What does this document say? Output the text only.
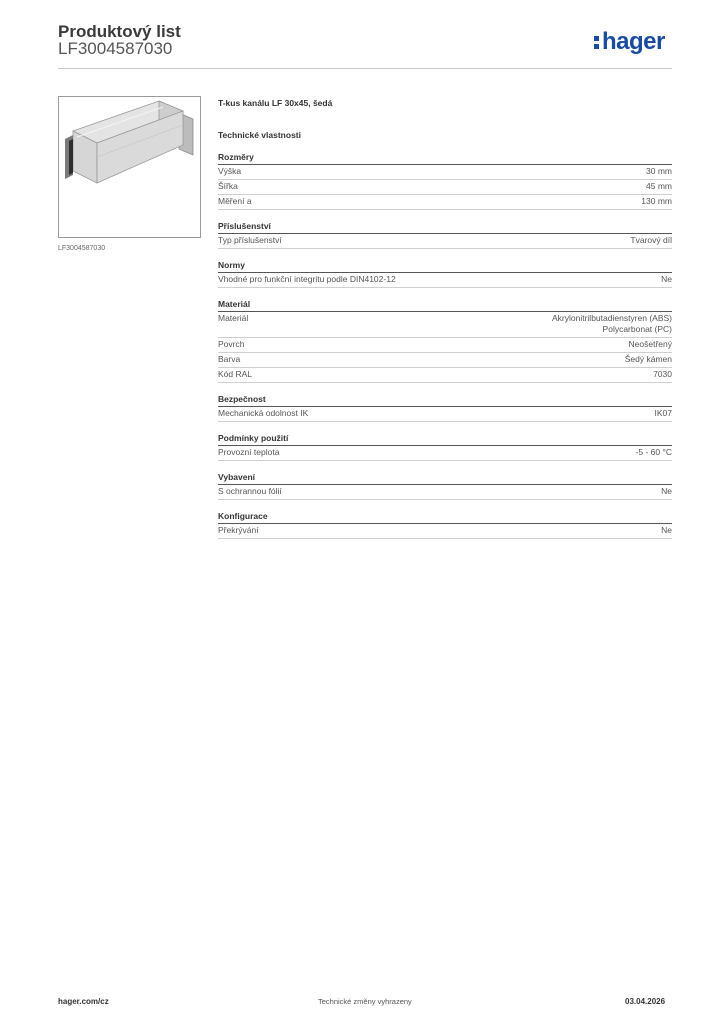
Produktový list
LF3004587030	hager
LF3004587030
T-kus kanálu LF 30x45, šedá
Technické vlastnosti
Rozměry
Výška	30 mm
Šířka	45 mm
Měření a	130 mm
Příslušenství
Typ příslušenství	Tvarový díl
Normy
Vhodné pro funkční integritu podle DIN4102-12	Ne
Materiál
Materiál	Akrylonitrilbutadienstyren (ABS)
Polycarbonat (PC)
Povrch	Neošetřený
Barva	Šedý kámen
Kód RAL	7030
Bezpečnost
Mechanická odolnost IK	IK07
Podmínky použití
Provozní teplota	-5 - 60 °C
Vybavení
S ochrannou fólií	Ne
Konfigurace
Překrývání	Ne
hager.com/cz	Technické změny vyhrazeny	03.04.2026
